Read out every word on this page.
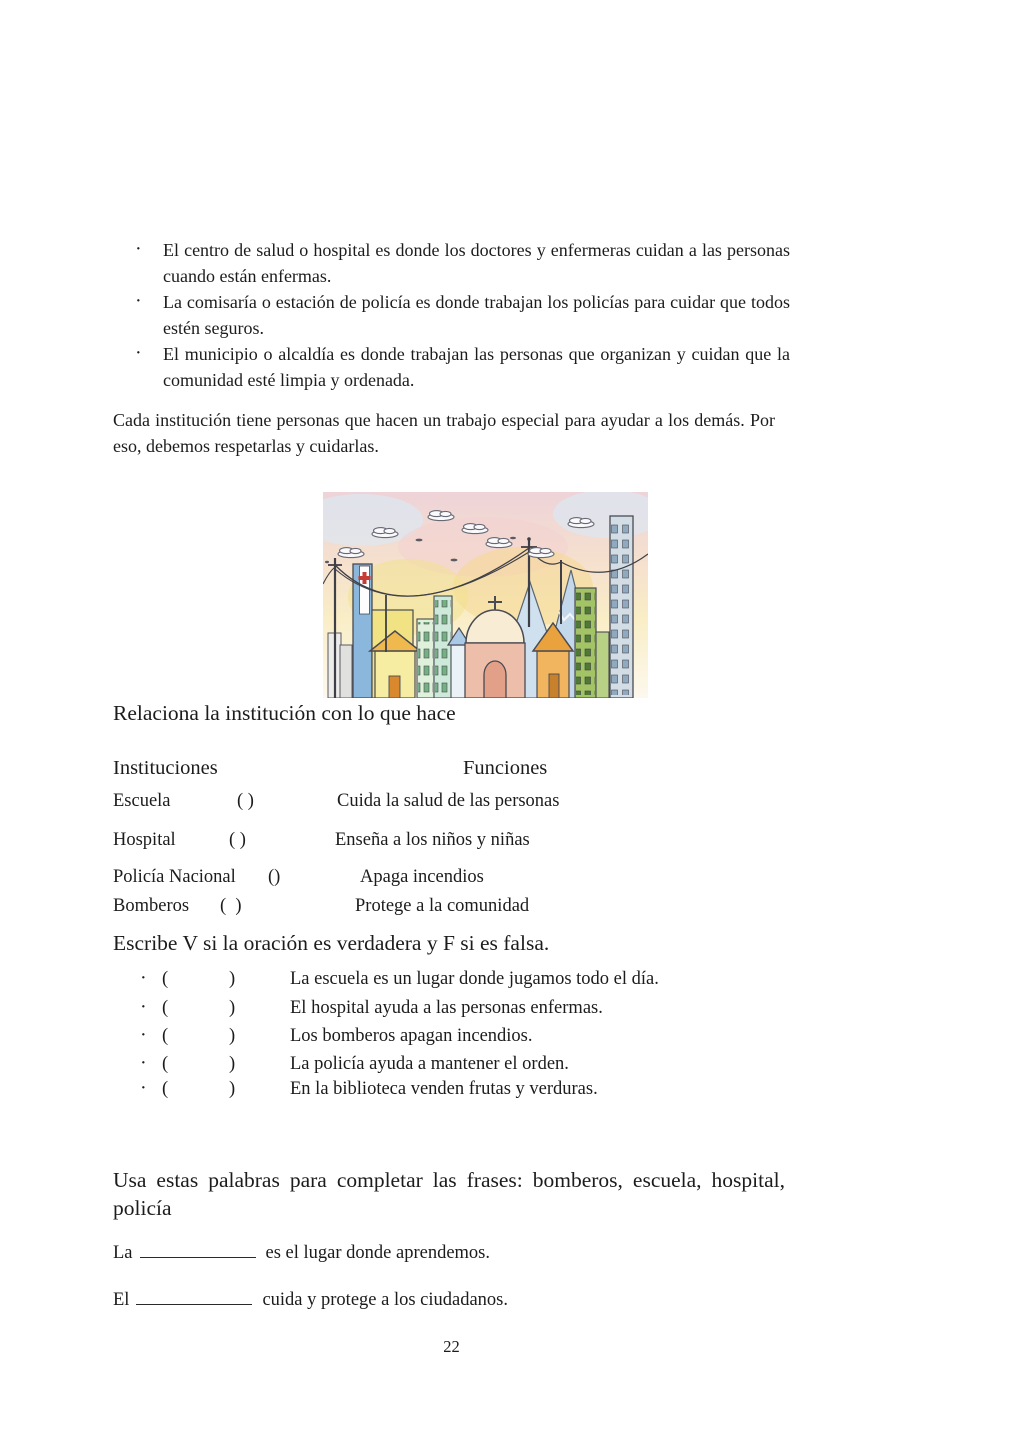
· El centro de salud o hospital es donde los doctores y enfermeras cuidan a las personas cuando están enfermas.
· La comisaría o estación de policía es donde trabajan los policías para cuidar que todos estén seguros.
· El municipio o alcaldía es donde trabajan las personas que organizan y cuidan que la comunidad esté limpia y ordenada.

Cada institución tiene personas que hacen un trabajo especial para ayudar a los demás. Por eso, debemos respetarlas y cuidarlas.

Relaciona la institución con lo que hace
Instituciones	Funciones
Escuela	( )	Cuida la salud de las personas
Hospital	( )	Enseña a los niños y niñas
Policía Nacional ()	Apaga incendios
Bomberos (  )	Protege a la comunidad
Escribe V si la oración es verdadera y F si es falsa.
· (	)	La escuela es un lugar donde jugamos todo el día.
· (	)	El hospital ayuda a las personas enfermas.
· (	)	Los bomberos apagan incendios.
· (	)	La policía ayuda a mantener el orden.
· (	)	En la biblioteca venden frutas y verduras.
Usa estas palabras para completar las frases: bomberos, escuela, hospital, policía

La	es el lugar donde aprendemos.

El	cuida y protege a los ciudadanos.

22
